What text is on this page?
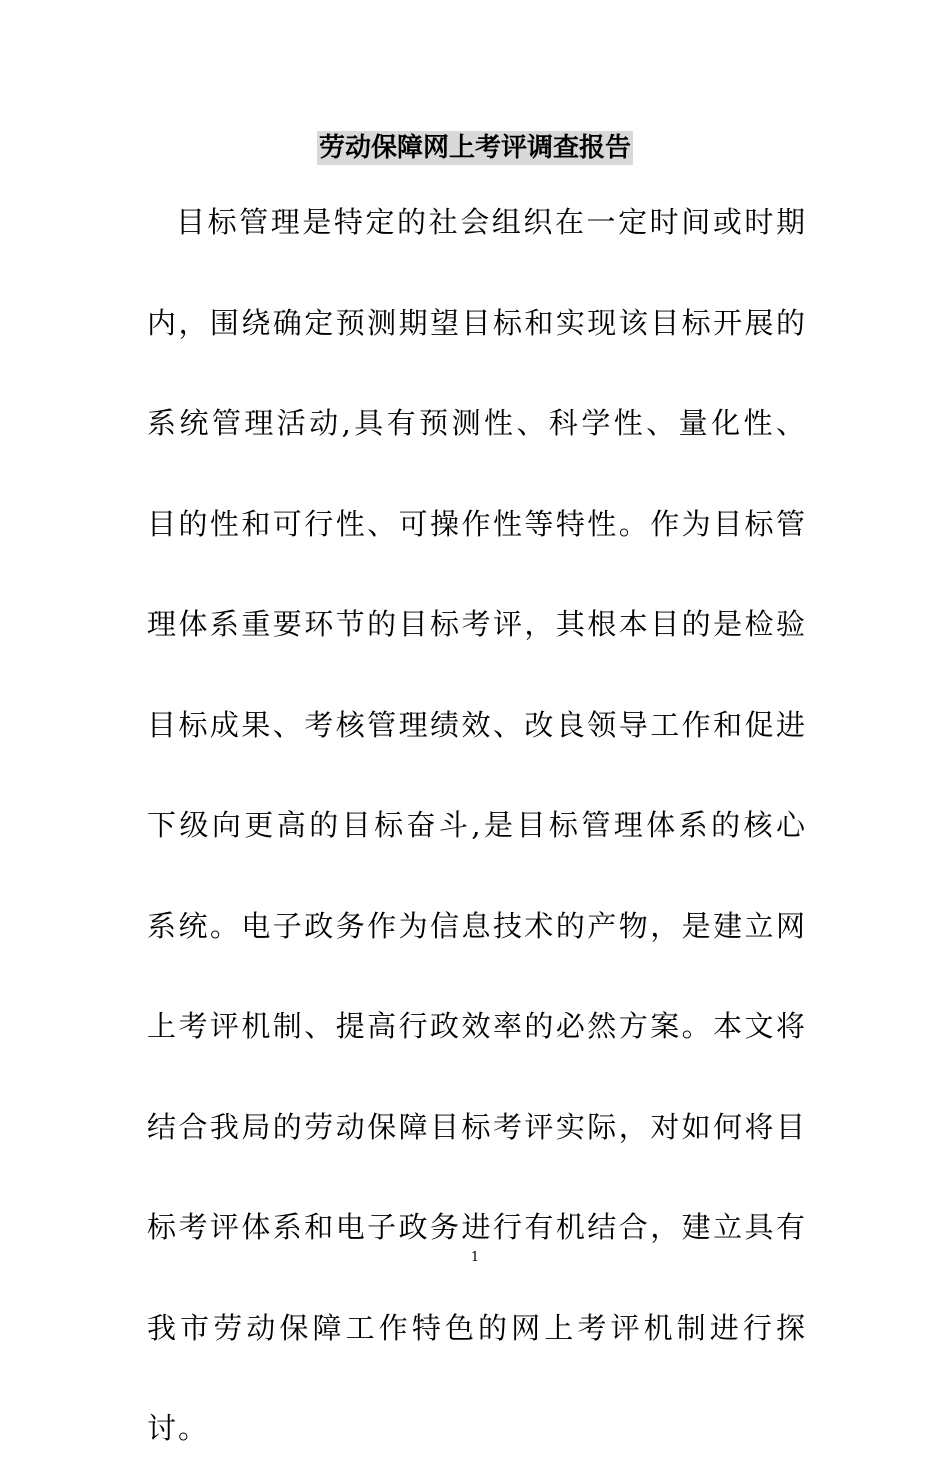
劳动保障网上考评调查报告

目标管理是特定的社会组织在一定时间或时期内，围绕确定预测期望目标和实现该目标开展的系统管理活动,具有预测性、科学性、量化性、目的性和可行性、可操作性等特性。作为目标管理体系重要环节的目标考评，其根本目的是检验目标成果、考核管理绩效、改良领导工作和促进下级向更高的目标奋斗,是目标管理体系的核心系统。电子政务作为信息技术的产物，是建立网上考评机制、提高行政效率的必然方案。本文将结合我局的劳动保障目标考评实际，对如何将目标考评体系和电子政务进行有机结合，建立具有我市劳动保障工作特色的网上考评机制进行探讨。

1
